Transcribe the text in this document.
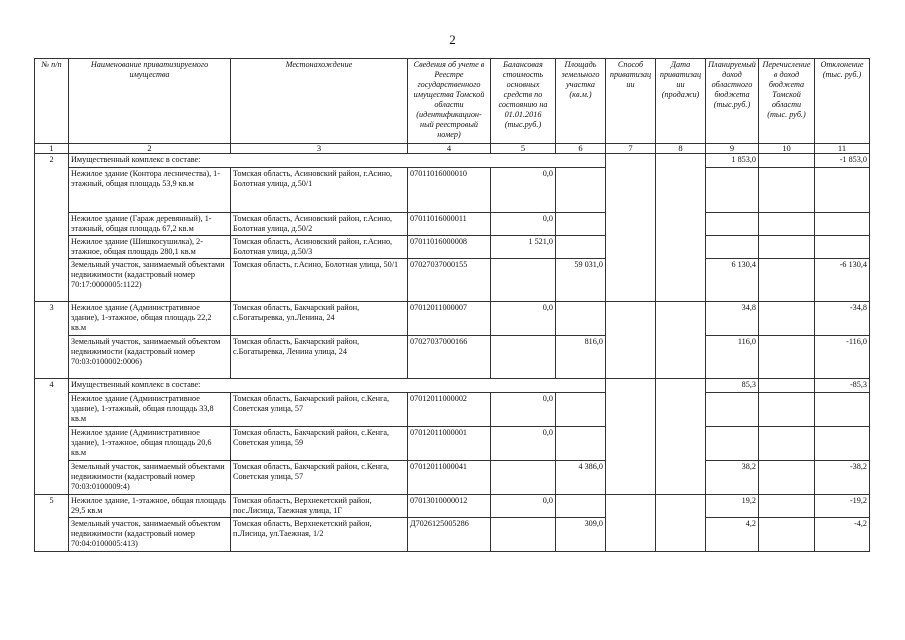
2
№ п/п	Наименование приватизируемого имущества	Местонахождение	Сведения об учете в Реестре государственного имущества Томской области (идентификацион-ный реестровый номер)	Балансовая стоимость основных средств по состоянию на 01.01.2016 (тыс.руб.)	Площадь земельного участка (кв.м.)	Способ приватизац ии	Дата приватизац ии (продажи)	Планируемый доход областного бюджета (тыс.руб.)	Перечисление в доход бюджета Томской области (тыс. руб.)	Отклонение (тыс. руб.)
1	2	3	4	5	6	7	8	9	10	11
2	Имущественный комплекс в составе:							1 853,0		-1 853,0
	Нежилое здание (Контора лесничества), 1-этажный, общая площадь 53,9 кв.м	Томская область, Асиновский район, г.Асино, Болотная улица, д.50/1	07011016000010	0,0						
	Нежилое здание (Гараж деревянный), 1-этажный, общая площадь 67,2 кв.м	Томская область, Асиновский район, г.Асино, Болотная улица, д.50/2	07011016000011	0,0						
	Нежилое здание (Шишкосушилка), 2-этажное, общая площадь 280,1 кв.м	Томская область, Асиновский район, г.Асино, Болотная улица, д.50/3	07011016000008	1 521,0						
	Земельный участок, занимаемый объектами недвижимости (кадастровый номер 70:17:0000005:1122)	Томская область, г.Асино, Болотная улица, 50/1	07027037000155		59 031,0			6 130,4		-6 130,4
3	Нежилое здание (Административное здание), 1-этажное, общая площадь 22,2 кв.м	Томская область, Бакчарский район, с.Богатыревка, ул.Ленина, 24	07012011000007	0,0				34,8		-34,8
	Земельный участок, занимаемый объектом недвижимости (кадастровый номер 70:03:0100002:0006)	Томская область, Бакчарский район, с.Богатыревка, Ленина улица, 24	07027037000166		816,0			116,0		-116,0
4	Имущественный комплекс в составе:							85,3		-85,3
	Нежилое здание (Административное здание), 1-этажный, общая площадь 33,8 кв.м	Томская область, Бакчарский район, с.Кенга, Советская улица, 57	07012011000002	0,0						
	Нежилое здание (Административное здание), 1-этажное, общая площадь 20,6 кв.м	Томская область, Бакчарский район, с.Кенга, Советская улица, 59	07012011000001	0,0						
	Земельный участок, занимаемый объектами недвижимости (кадастровый номер 70:03:0100009:4)	Томская область, Бакчарский район, с.Кенга, Советская улица, 57	07012011000041		4 386,0			38,2		-38,2
5	Нежилое здание, 1-этажное, общая площадь 29,5 кв.м	Томская область, Верхнекетский район, пос.Лисица, Таежная улица, 1Г	07013010000012	0,0				19,2		-19,2
	Земельный участок, занимаемый объектом недвижимости (кадастровый номер 70:04:0100005:413)	Томская область, Верхнекетский район, п.Лисица, ул.Таежная, 1/2	Д7026125005286		309,0			4,2		-4,2
